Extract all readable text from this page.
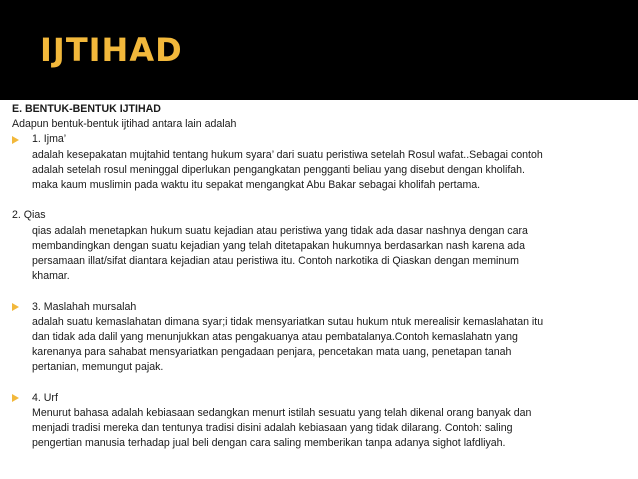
IJTIHAD
E. BENTUK-BENTUK IJTIHAD
Adapun bentuk-bentuk ijtihad antara lain adalah
1. Ijma’
adalah kesepakatan mujtahid tentang hukum syara’ dari suatu peristiwa setelah Rosul wafat..Sebagai contoh
adalah setelah rosul meninggal diperlukan pengangkatan pengganti beliau yang disebut dengan kholifah.
maka kaum muslimin pada waktu itu sepakat mengangkat Abu Bakar sebagai kholifah pertama.
2. Qias
qias adalah menetapkan hukum suatu kejadian atau peristiwa yang tidak ada dasar nashnya dengan cara
membandingkan dengan suatu kejadian yang telah ditetapakan hukumnya berdasarkan nash karena ada
persamaan illat/sifat diantara kejadian atau peristiwa itu. Contoh narkotika di Qiaskan dengan meminum
khamar.
3. Maslahah mursalah
adalah suatu kemaslahatan dimana syar;i tidak mensyariatkan sutau hukum ntuk merealisir kemaslahatan itu
dan tidak ada dalil yang menunjukkan atas pengakuanya atau pembatalanya.Contoh kemaslahatn yang
karenanya para sahabat mensyariatkan pengadaan penjara, pencetakan mata uang, penetapan tanah
pertanian, memungut pajak.
4. Urf
Menurut bahasa adalah kebiasaan sedangkan menurt istilah sesuatu yang telah dikenal orang banyak dan
menjadi tradisi mereka dan tentunya tradisi disini adalah kebiasaan yang tidak dilarang. Contoh: saling
pengertian manusia terhadap jual beli dengan cara saling memberikan tanpa adanya sighot lafdliyah.
